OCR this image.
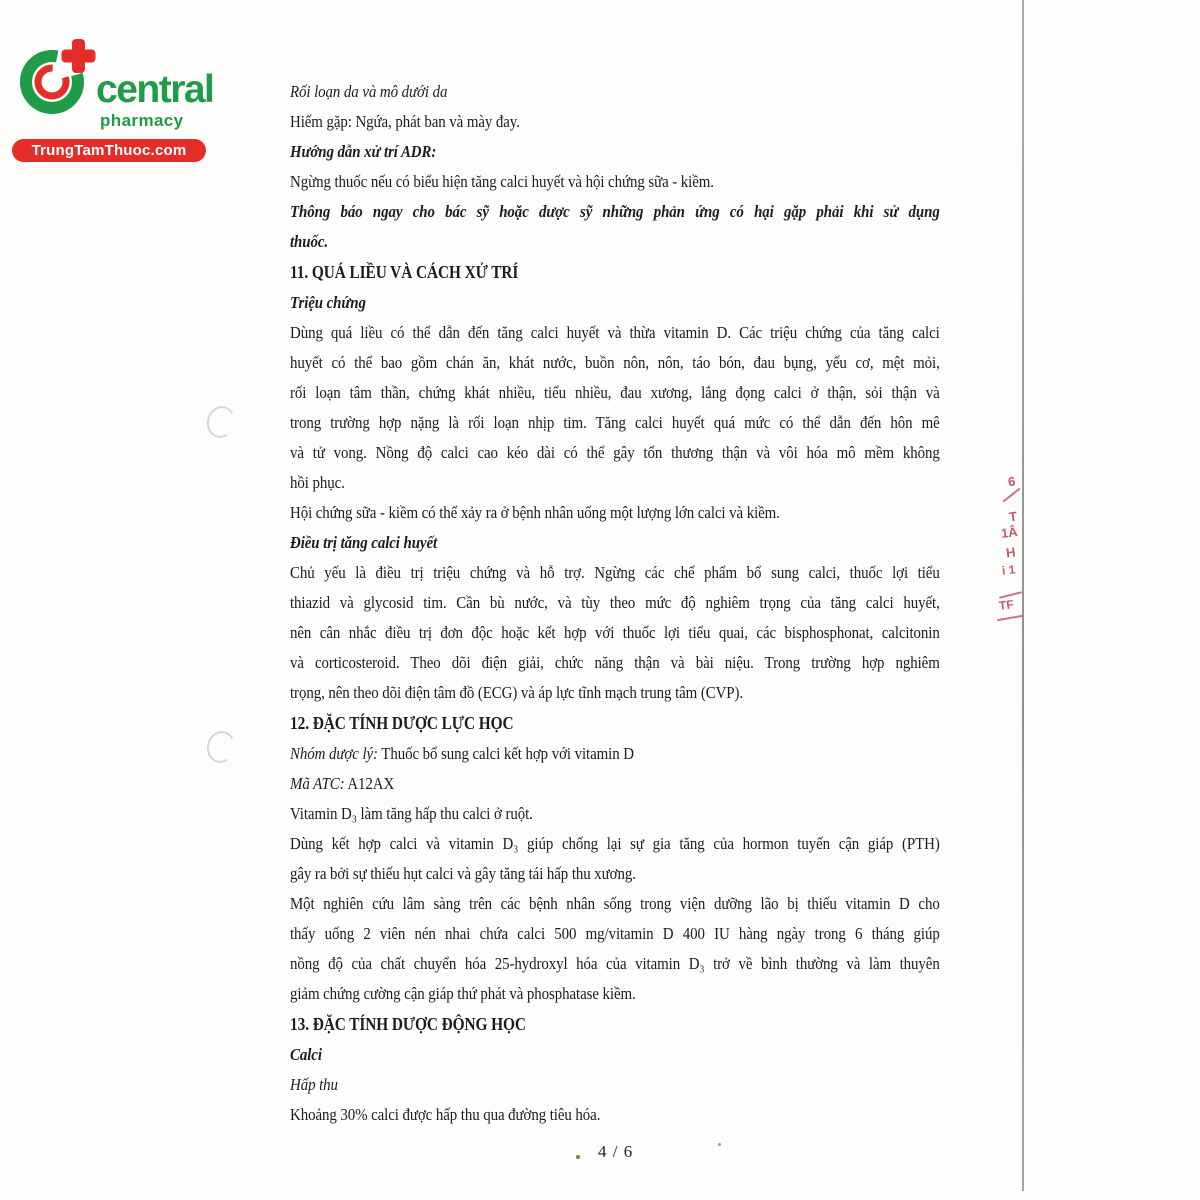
central
pharmacy
TrungTamThuoc.com
Rối loạn da và mô dưới da
Hiếm gặp: Ngứa, phát ban và mày đay.
Hướng dẫn xử trí ADR:
Ngừng thuốc nếu có biểu hiện tăng calci huyết và hội chứng sữa - kiềm.
Thông báo ngay cho bác sỹ hoặc dược sỹ những phản ứng có hại gặp phải khi sử dụng
thuốc.
11. QUÁ LIỀU VÀ CÁCH XỬ TRÍ
Triệu chứng
Dùng quá liều có thể dẫn đến tăng calci huyết và thừa vitamin D. Các triệu chứng của tăng calci
huyết có thể bao gồm chán ăn, khát nước, buồn nôn, nôn, táo bón, đau bụng, yếu cơ, mệt mỏi,
rối loạn tâm thần, chứng khát nhiều, tiểu nhiều, đau xương, lắng đọng calci ở thận, sỏi thận và
trong trường hợp nặng là rối loạn nhịp tim. Tăng calci huyết quá mức có thể dẫn đến hôn mê
và tử vong. Nồng độ calci cao kéo dài có thể gây tổn thương thận và vôi hóa mô mềm không
hồi phục.
Hội chứng sữa - kiềm có thể xảy ra ở bệnh nhân uống một lượng lớn calci và kiềm.
Điều trị tăng calci huyết
Chủ yếu là điều trị triệu chứng và hỗ trợ. Ngừng các chế phẩm bổ sung calci, thuốc lợi tiểu
thiazid và glycosid tim. Cần bù nước, và tùy theo mức độ nghiêm trọng của tăng calci huyết,
nên cân nhắc điều trị đơn độc hoặc kết hợp với thuốc lợi tiểu quai, các bisphosphonat, calcitonin
và corticosteroid. Theo dõi điện giải, chức năng thận và bài niệu. Trong trường hợp nghiêm
trọng, nên theo dõi điện tâm đồ (ECG) và áp lực tĩnh mạch trung tâm (CVP).
12. ĐẶC TÍNH DƯỢC LỰC HỌC
Nhóm dược lý: Thuốc bổ sung calci kết hợp với vitamin D
Mã ATC: A12AX
Vitamin D₃ làm tăng hấp thu calci ở ruột.
Dùng kết hợp calci và vitamin D₃ giúp chống lại sự gia tăng của hormon tuyến cận giáp (PTH)
gây ra bởi sự thiếu hụt calci và gây tăng tái hấp thu xương.
Một nghiên cứu lâm sàng trên các bệnh nhân sống trong viện dưỡng lão bị thiếu vitamin D cho
thấy uống 2 viên nén nhai chứa calci 500 mg/vitamin D 400 IU hàng ngày trong 6 tháng giúp
nồng độ của chất chuyển hóa 25-hydroxyl hóa của vitamin D₃ trở về bình thường và làm thuyên
giảm chứng cường cận giáp thứ phát và phosphatase kiềm.
13. ĐẶC TÍNH DƯỢC ĐỘNG HỌC
Calci
Hấp thu
Khoảng 30% calci được hấp thu qua đường tiêu hóa.
6
T
1Â
H
i 1
TF
4 / 6
